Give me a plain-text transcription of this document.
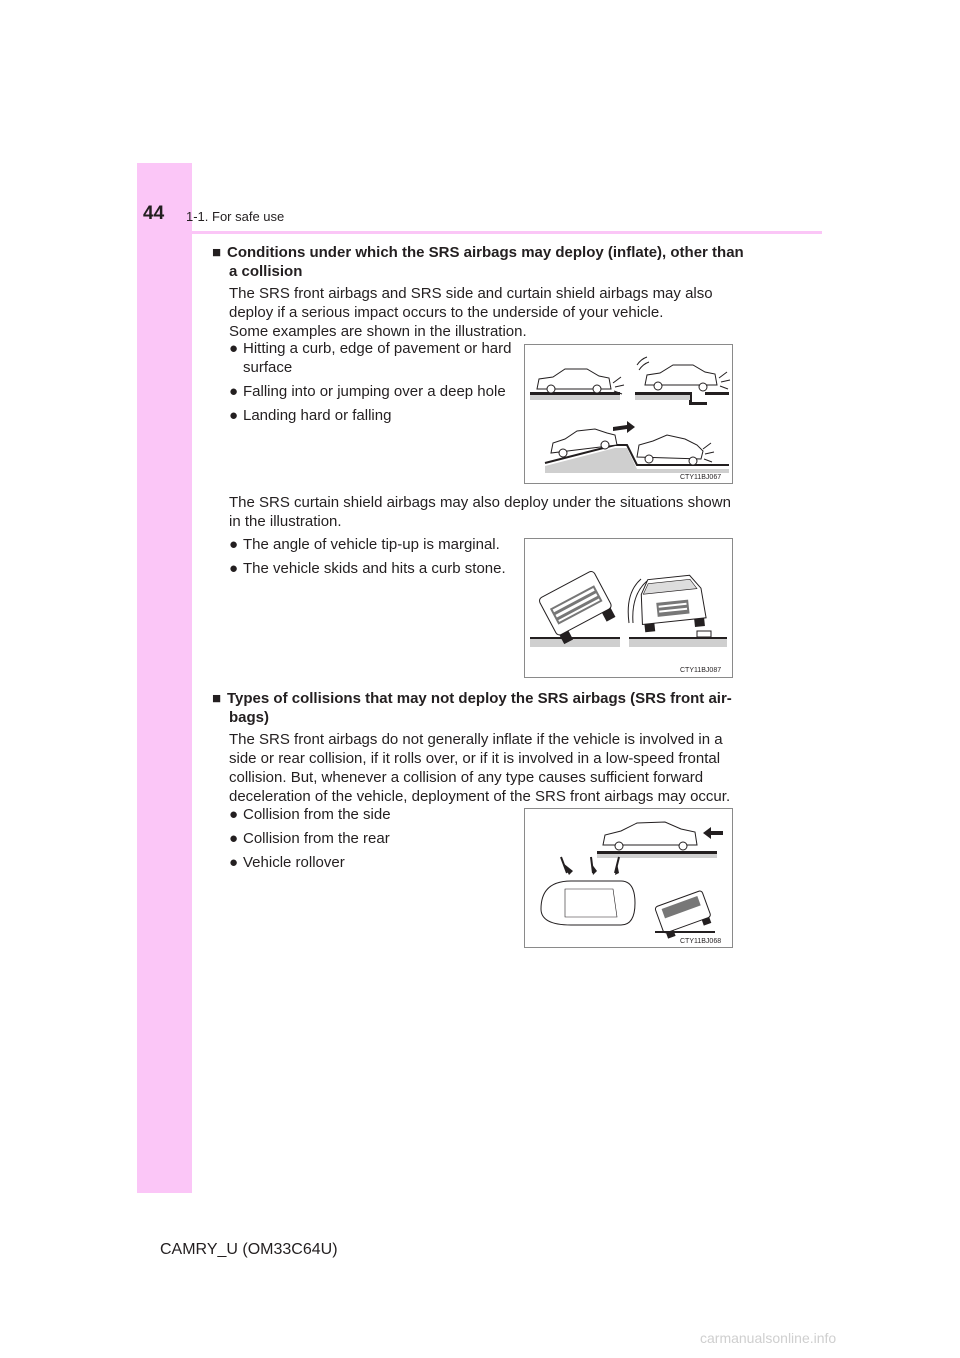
44 1-1. For safe use
■ Conditions under which the SRS airbags may deploy (inflate), other than
a collision
The SRS front airbags and SRS side and curtain shield airbags may also
deploy if a serious impact occurs to the underside of your vehicle.
Some examples are shown in the illustration.
● Hitting a curb, edge of pavement or hard surface
● Falling into or jumping over a deep hole
● Landing hard or falling
CTY11BJ067
The SRS curtain shield airbags may also deploy under the situations shown
in the illustration.
● The angle of vehicle tip-up is marginal.
● The vehicle skids and hits a curb stone.
CTY11BJ087
■ Types of collisions that may not deploy the SRS airbags (SRS front air-
bags)
The SRS front airbags do not generally inflate if the vehicle is involved in a
side or rear collision, if it rolls over, or if it is involved in a low-speed frontal
collision. But, whenever a collision of any type causes sufficient forward
deceleration of the vehicle, deployment of the SRS front airbags may occur.
● Collision from the side
● Collision from the rear
● Vehicle rollover
CTY11BJ068
CAMRY_U (OM33C64U)
carmanualsonline.info
